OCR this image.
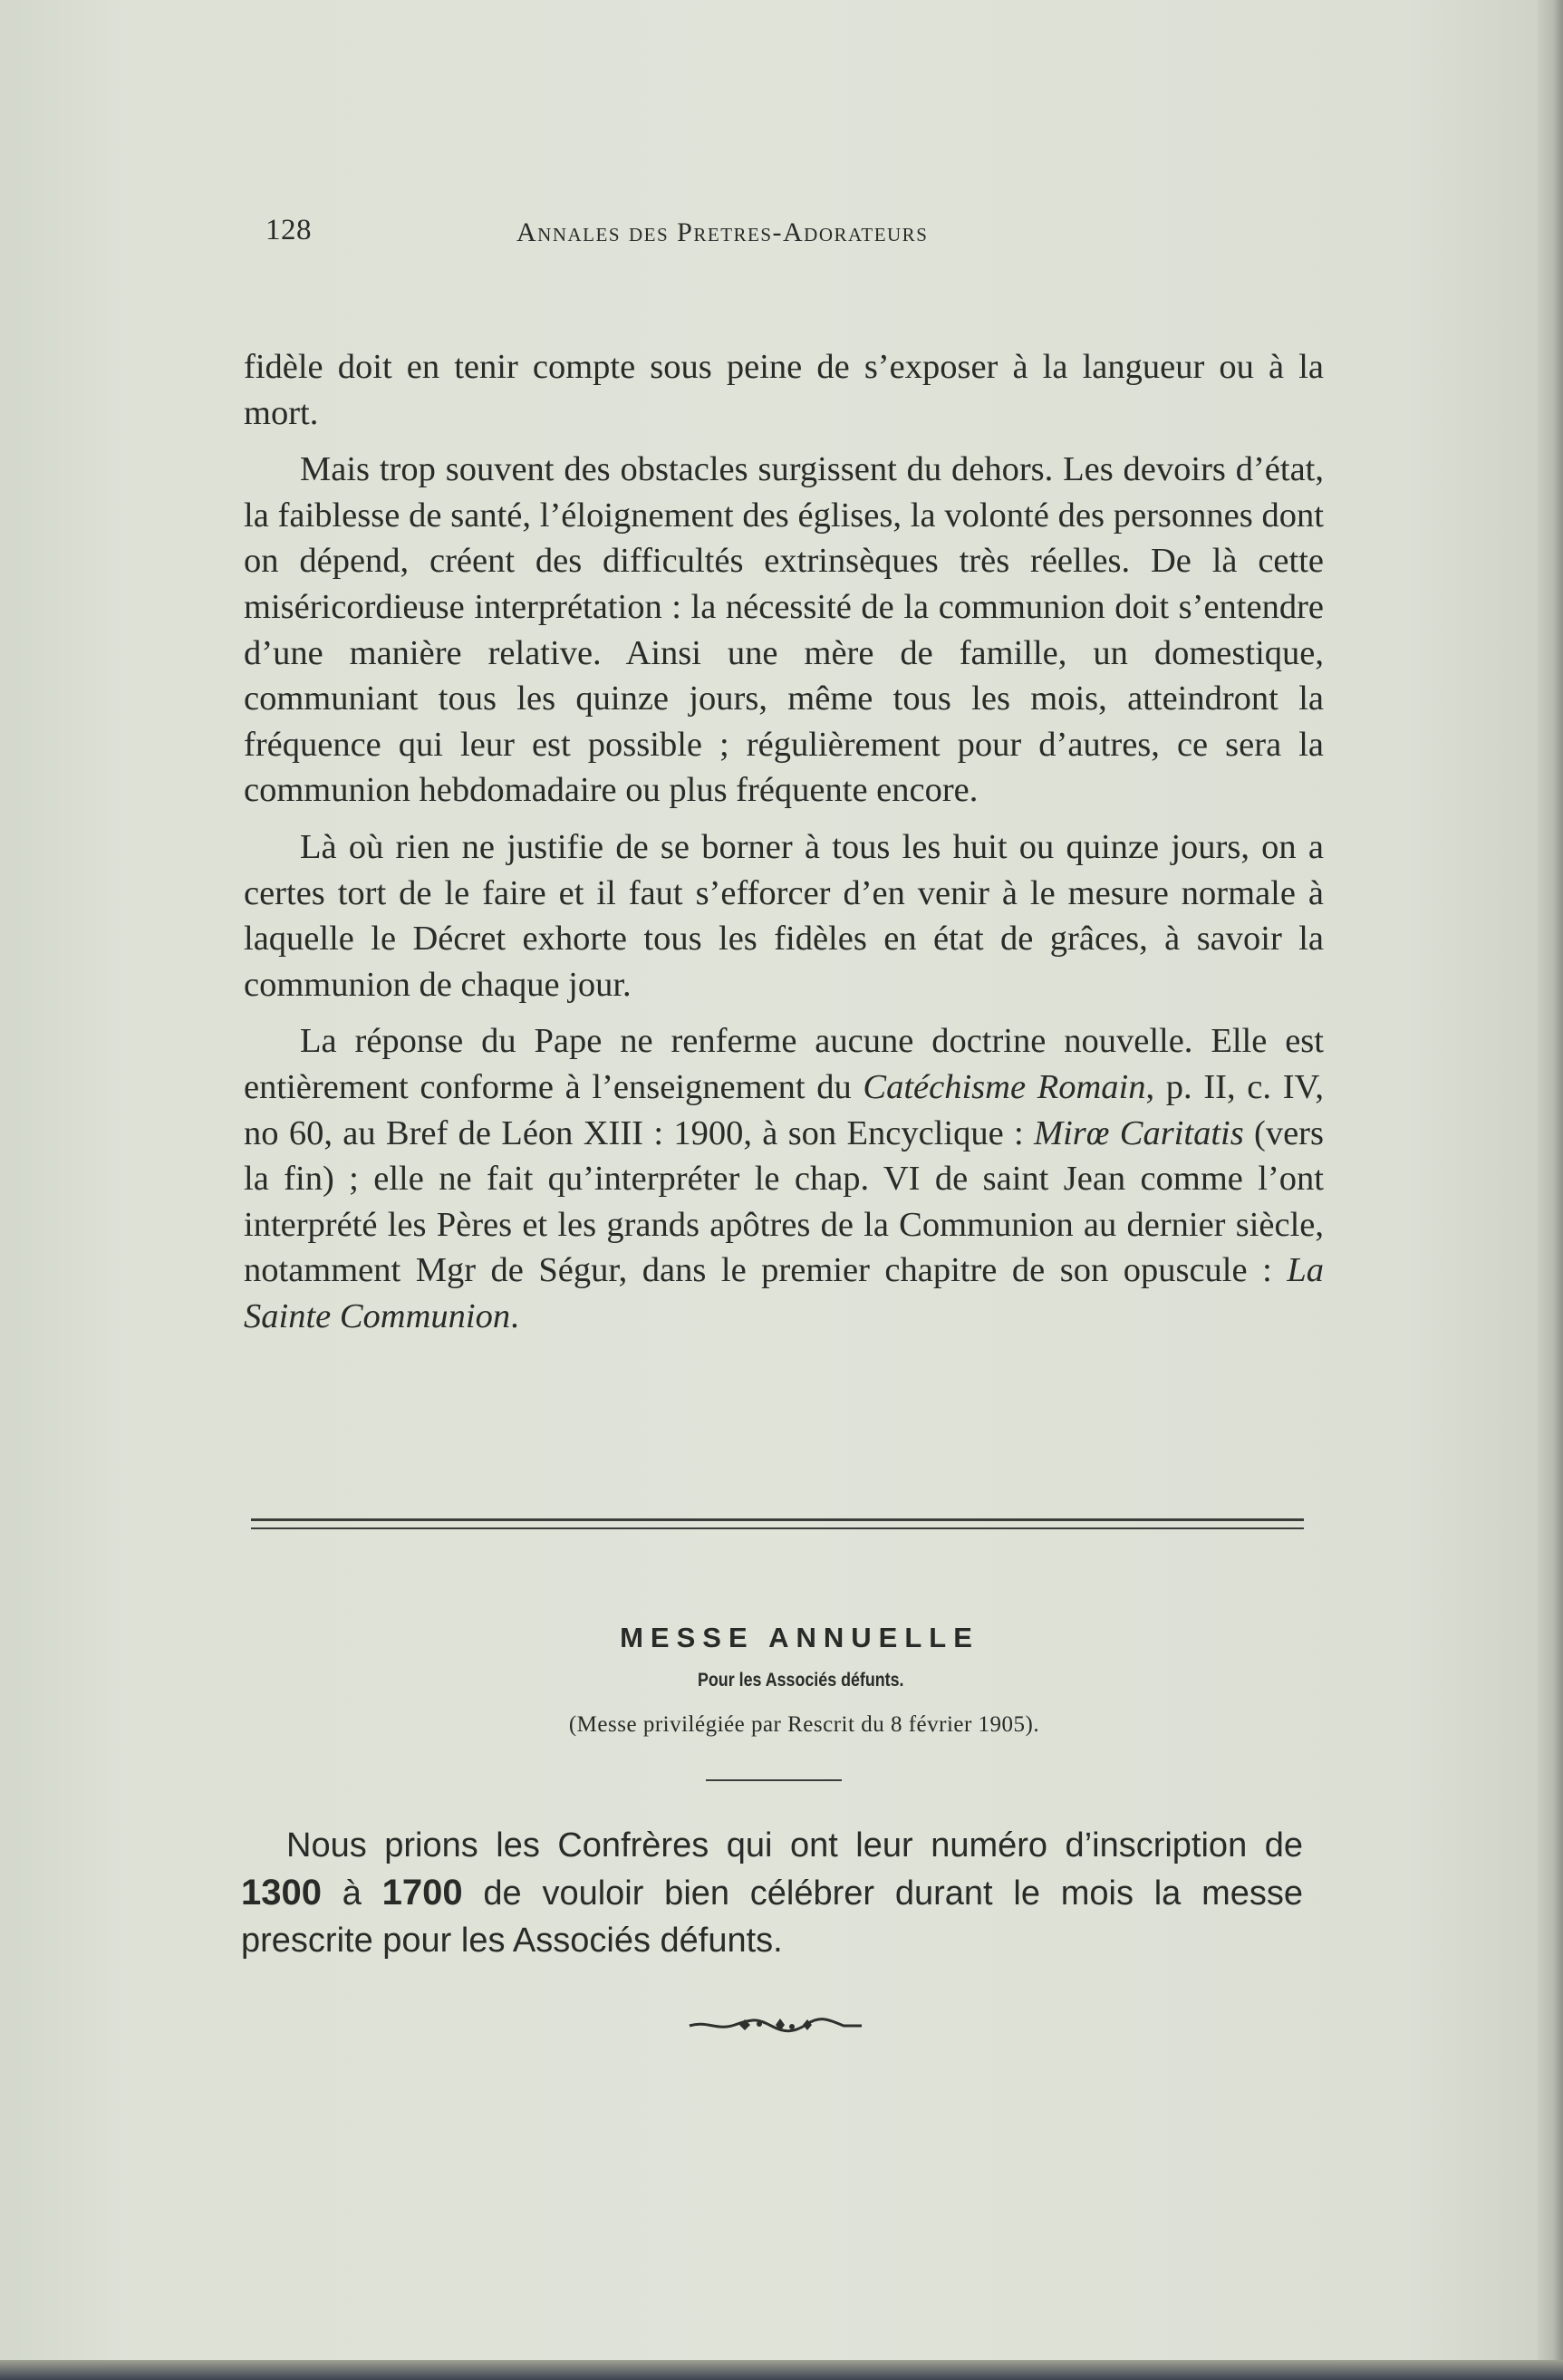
128	Annales des Pretres-Adorateurs

fidèle doit en tenir compte sous peine de s’exposer à la langueur ou à la mort.

Mais trop souvent des obstacles surgissent du dehors. Les devoirs d’état, la faiblesse de santé, l’éloignement des églises, la volonté des personnes dont on dépend, créent des difficultés extrinsèques très réelles. De là cette miséricordieuse interprétation : la nécessité de la communion doit s’entendre d’une manière relative. Ainsi une mère de famille, un domestique, communiant tous les quinze jours, même tous les mois, atteindront la fréquence qui leur est possible ; régulièrement pour d’autres, ce sera la communion hebdomadaire ou plus fréquente encore.

Là où rien ne justifie de se borner à tous les huit ou quinze jours, on a certes tort de le faire et il faut s’efforcer d’en venir à le mesure normale à laquelle le Décret exhorte tous les fidèles en état de grâces, à savoir la communion de chaque jour.

La réponse du Pape ne renferme aucune doctrine nouvelle. Elle est entièrement conforme à l’enseignement du Catéchisme Romain, p. II, c. IV, no 60, au Bref de Léon XIII : 1900, à son Encyclique : Mirœ Caritatis (vers la fin) ; elle ne fait qu’interpréter le chap. VI de saint Jean comme l’ont interprété les Pères et les grands apôtres de la Communion au dernier siècle, notamment Mgr de Ségur, dans le premier chapitre de son opuscule : La Sainte Communion.

MESSE ANNUELLE
Pour les Associés défunts.
(Messe privilégiée par Rescrit du 8 février 1905).
Nous prions les Confrères qui ont leur numéro d’inscription de 1300 à 1700 de vouloir bien célébrer durant le mois la messe prescrite pour les Associés défunts.
